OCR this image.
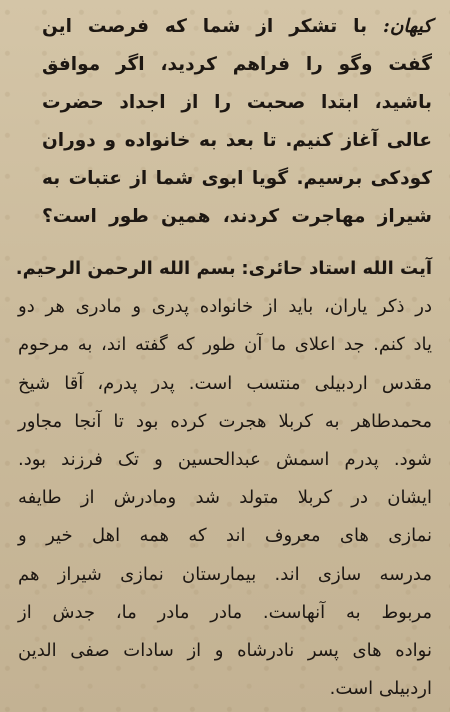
کیهان: با تشکر از شما که فرصت این
گفت وگو را فراهم کردید، اگر موافق
باشید، ابتدا صحبت را از اجداد حضرت
عالی آغاز کنیم. تا بعد به خانواده و دوران
کودکی برسیم. گویا ابوی شما از عتبات به
شیراز مهاجرت کردند، همین طور است؟
آیت الله استاد حائری: بسم الله الرحمن الرحیم.
در ذکر یاران، باید از خانواده پدری و مادری هر دو
یاد کنم. جد اعلای ما آن طور که گفته اند، به مرحوم
مقدس اردبیلی منتسب است. پدر پدرم، آقا شیخ
محمدطاهر به کربلا هجرت کرده بود تا آنجا مجاور
شود. پدرم اسمش عبدالحسین و تک فرزند بود.
ایشان در کربلا متولد شد ومادرش از طایفه
نمازی های معروف اند که همه اهل خیر و
مدرسه سازی اند. بیمارستان نمازی شیراز هم
مربوط به آنهاست. مادر مادر ما، جدش از
نواده های پسر نادرشاه و از سادات صفی الدین
اردبیلی است.
